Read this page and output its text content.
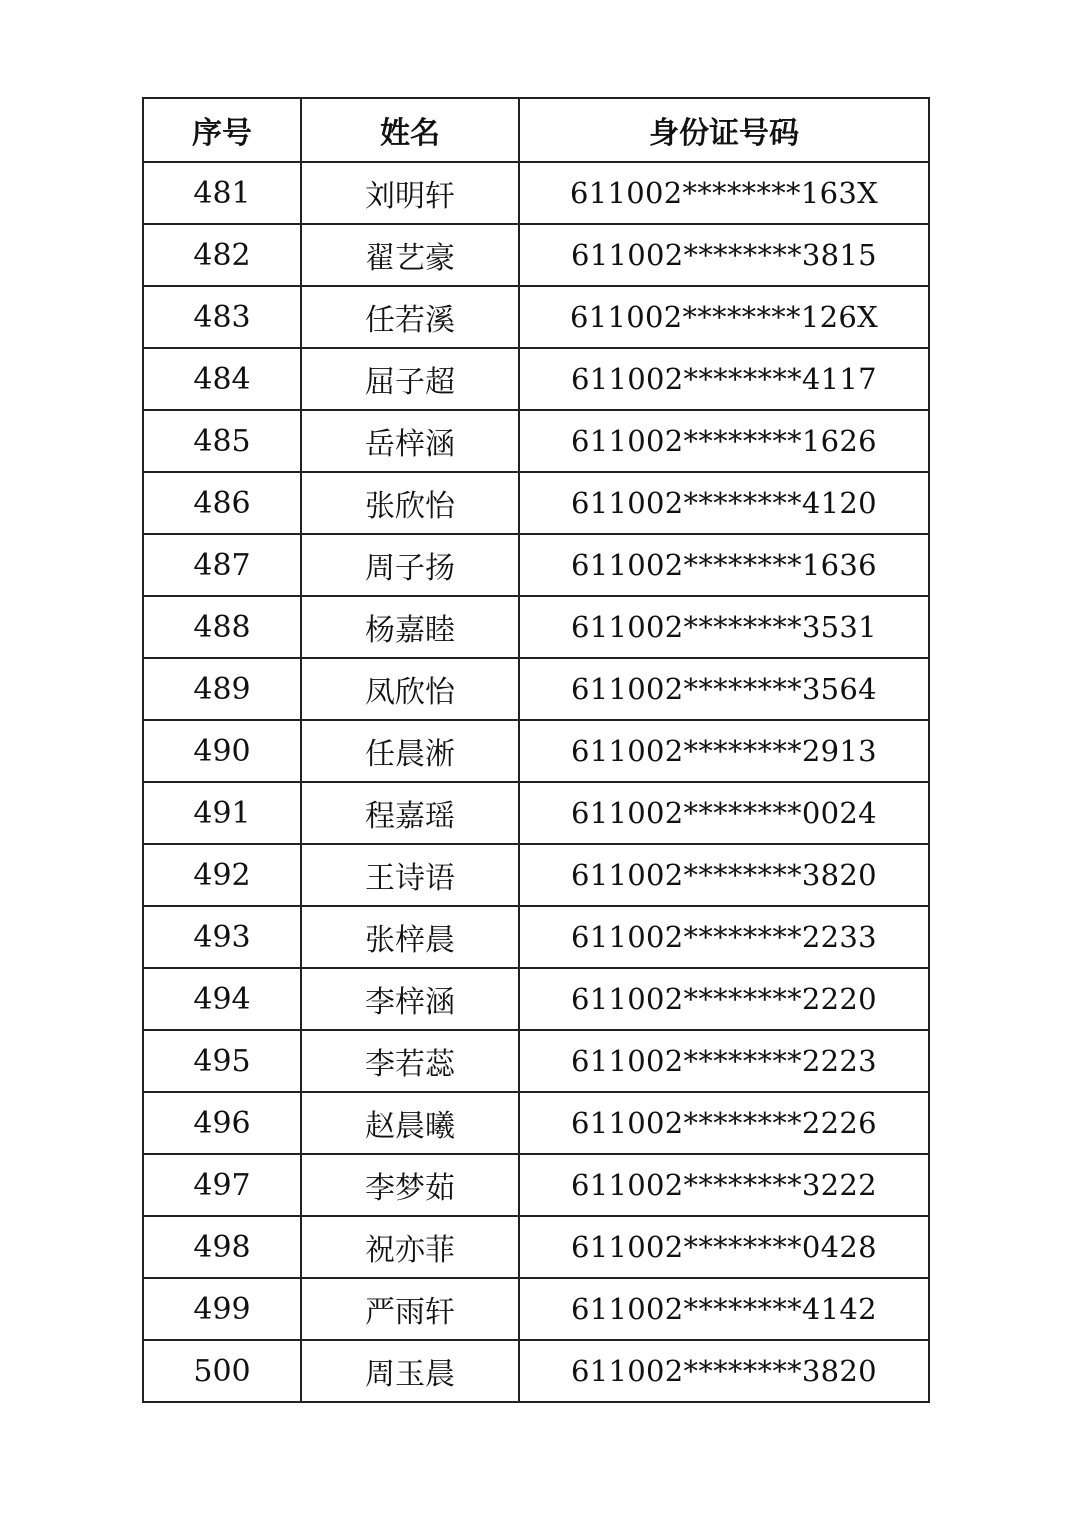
序号	姓名	身份证号码
481	刘明轩	611002********163X
482	翟艺豪	611002********3815
483	任若溪	611002********126X
484	屈子超	611002********4117
485	岳梓涵	611002********1626
486	张欣怡	611002********4120
487	周子扬	611002********1636
488	杨嘉睦	611002********3531
489	凤欣怡	611002********3564
490	任晨淅	611002********2913
491	程嘉瑶	611002********0024
492	王诗语	611002********3820
493	张梓晨	611002********2233
494	李梓涵	611002********2220
495	李若蕊	611002********2223
496	赵晨曦	611002********2226
497	李梦茹	611002********3222
498	祝亦菲	611002********0428
499	严雨轩	611002********4142
500	周玉晨	611002********3820
